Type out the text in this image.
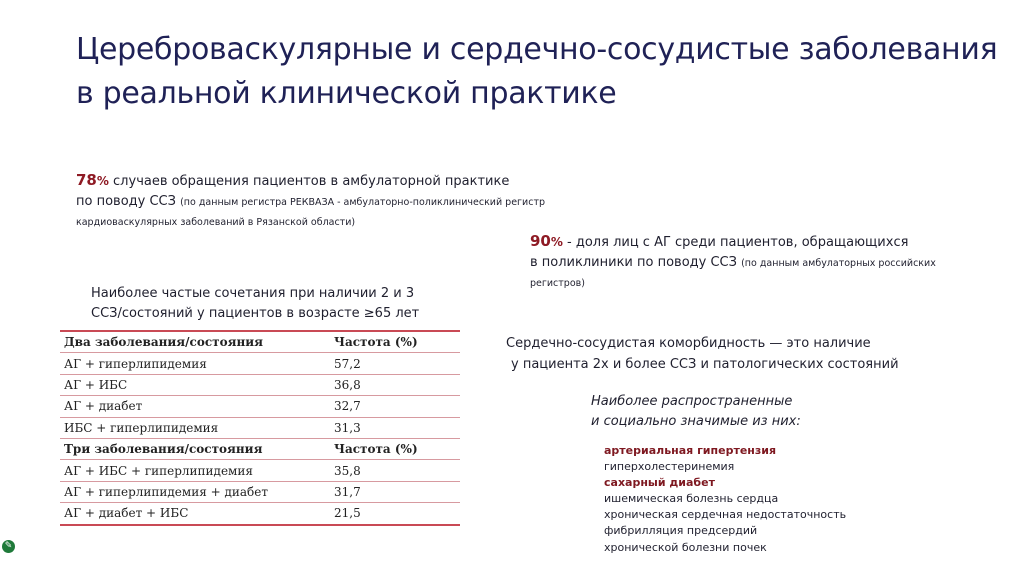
Цереброваскулярные и сердечно-сосудистые заболевания
в реальной клинической практике
78% случаев обращения пациентов в амбулаторной практике
по поводу ССЗ (по данным регистра РЕКВАЗА - амбулаторно-поликлинический регистр
кардиоваскулярных заболеваний в Рязанской области)
90% - доля лиц с АГ среди пациентов, обращающихся
в поликлиники по поводу ССЗ (по данным амбулаторных российских
регистров)
Наиболее частые сочетания при наличии 2 и 3
ССЗ/состояний у пациентов в возрасте ≥65 лет
Два заболевания/состояния	Частота (%)
АГ + гиперлипидемия	57,2
АГ + ИБС	36,8
АГ + диабет	32,7
ИБС + гиперлипидемия	31,3
Три заболевания/состояния	Частота (%)
АГ + ИБС + гиперлипидемия	35,8
АГ + гиперлипидемия + диабет	31,7
АГ + диабет + ИБС	21,5
Сердечно-сосудистая коморбидность — это наличие
у пациента 2х и более ССЗ и патологических состояний
Наиболее распространенные
и социально значимые из них:
артериальная гипертензия
гиперхолестеринемия
сахарный диабет
ишемическая болезнь сердца
хроническая сердечная недостаточность
фибрилляция предсердий
хронической болезни почек
✎
